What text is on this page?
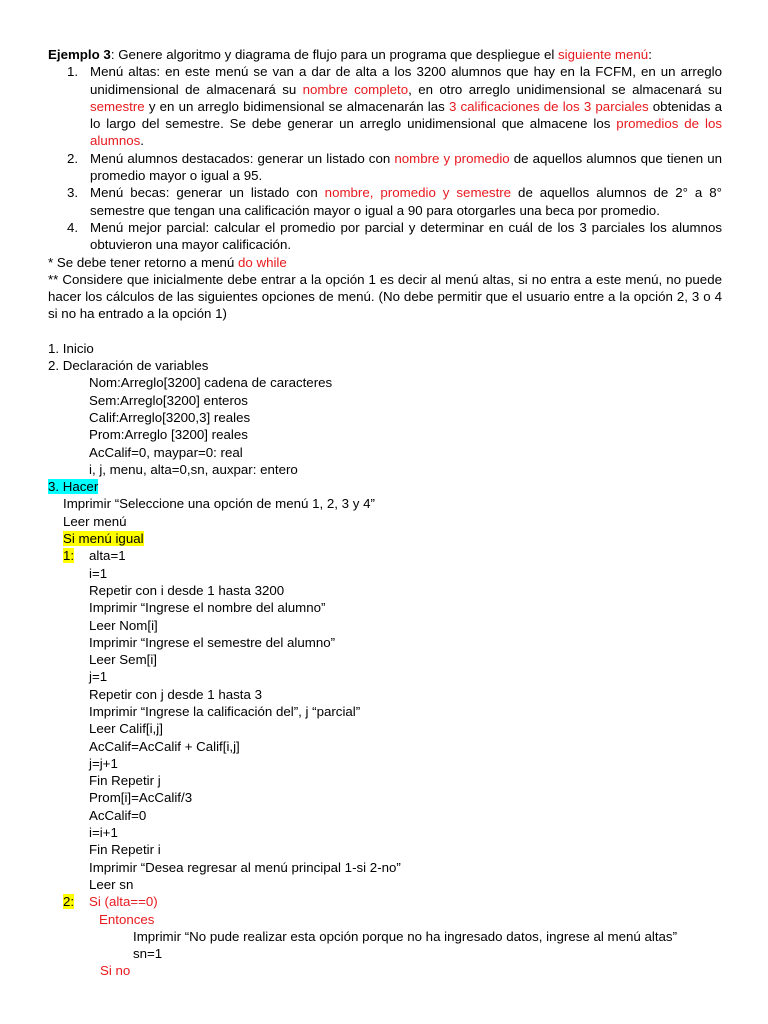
Ejemplo 3: Genere algoritmo y diagrama de flujo para un programa que despliegue el siguiente menú:
1. Menú altas: en este menú se van a dar de alta a los 3200 alumnos que hay en la FCFM, en un arreglo unidimensional de almacenará su nombre completo, en otro arreglo unidimensional se almacenará su semestre y en un arreglo bidimensional se almacenarán las 3 calificaciones de los 3 parciales obtenidas a lo largo del semestre. Se debe generar un arreglo unidimensional que almacene los promedios de los alumnos.
2. Menú alumnos destacados: generar un listado con nombre y promedio de aquellos alumnos que tienen un promedio mayor o igual a 95.
3. Menú becas: generar un listado con nombre, promedio y semestre de aquellos alumnos de 2° a 8° semestre que tengan una calificación mayor o igual a 90 para otorgarles una beca por promedio.
4. Menú mejor parcial: calcular el promedio por parcial y determinar en cuál de los 3 parciales los alumnos obtuvieron una mayor calificación.
* Se debe tener retorno a menú do while
** Considere que inicialmente debe entrar a la opción 1 es decir al menú altas, si no entra a este menú, no puede hacer los cálculos de las siguientes opciones de menú. (No debe permitir que el usuario entre a la opción 2, 3 o 4 si no ha entrado a la opción 1)
1. Inicio
2. Declaración de variables
Nom:Arreglo[3200] cadena de caracteres
Sem:Arreglo[3200] enteros
Calif:Arreglo[3200,3] reales
Prom:Arreglo [3200] reales
AcCalif=0, maypar=0: real
i, j, menu, alta=0,sn, auxpar: entero
3. Hacer
Imprimir “Seleccione una opción de menú 1, 2, 3 y 4”
Leer menú
Si menú igual
1: alta=1
i=1
Repetir con i desde 1 hasta 3200
Imprimir “Ingrese el nombre del alumno”
Leer Nom[i]
Imprimir “Ingrese el semestre del alumno”
Leer Sem[i]
j=1
Repetir con j desde 1 hasta 3
Imprimir “Ingrese la calificación del”, j “parcial”
Leer Calif[i,j]
AcCalif=AcCalif + Calif[i,j]
j=j+1
Fin Repetir j
Prom[i]=AcCalif/3
AcCalif=0
i=i+1
Fin Repetir i
Imprimir “Desea regresar al menú principal 1-si 2-no”
Leer sn
2: Si (alta==0)
Entonces
Imprimir “No pude realizar esta opción porque no ha ingresado datos, ingrese al menú altas”
sn=1
Si no
